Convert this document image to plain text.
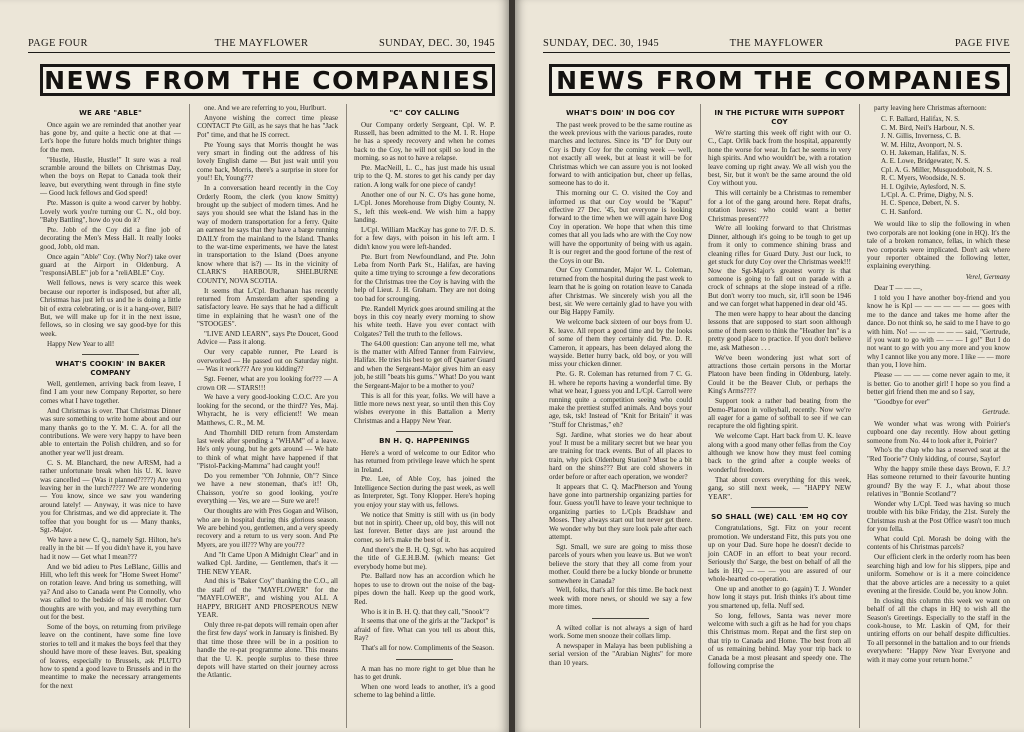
PAGE FOUR	THE MAYFLOWER	SUNDAY, DEC. 30, 1945
NEWS FROM THE COMPANIES
WE ARE "ABLE"

Once again we are reminded that another year has gone by, and quite a hectic one at that — Let's hope the future holds much brighter things for the men.

"Hustle, Hustle, Hustle!" It sure was a real scramble around the billets on Christmas Day, when the boys on Repat to Canada took their leave, but everything went through in fine style — Good luck fellows and God speed!

Pte. Masson is quite a wood carver by hobby. Lovely work you're turning our C. N., old boy. "Baby Battling", how do you do it?

Pte. Jobb of the Coy did a fine job of decorating the Men's Mess Hall. It really looks good, Jobb, old man.

Once again "Able" Coy. (Why Nor?) take over guard at the Airport in Oldenburg. A "responsiABLE" job for a "reliABLE" Coy.

Well fellows, news is very scarce this week because our reporter is indisposed, but after all, Christmas has just left us and he is doing a little bit of extra celebrating, or is it a hang-over, Bill? But, we will make up for it in the next issue, fellows, so in closing we say good-bye for this week.

Happy New Year to all!

WHAT'S COOKIN' IN BAKER COMPANY

Well, gentlemen, arriving back from leave, I find I am your new Company Reporter, so here comes what I have together.

And Christmas is over. That Christmas Dinner was sure something to write home about and our many thanks go to the Y. M. C. A. for all the contributions. We were very happy to have been able to entertain the Polish children, and so for another year we'll just dream.

C. S. M. Blanchard, the new A/RSM, had a rather unfortunate break when his U. K. leave was cancelled — (Was it planned?????) Are you leaving her in the lurch????? We are wondering — You know, since we saw you wandering around lately! — Anyway, it was nice to have you for Christmas, and we did appreciate it. The toffee that you bought for us — Many thanks, Sgt.-Major.

We have a new C. Q., namely Sgt. Hilton, he's really in the bit — If you didn't have it, you have had it now — Get what I mean???

And we bid adieu to Ptes LeBlanc, Gillis and Hill, who left this week for "Home Sweet Home" on rotation leave. And bring us something, will ya? And also to Canada went Pte Connolly, who was called to the bedside of his ill mother. Our thoughts are with you, and may everything turn out for the best.

Some of the boys, on returning from privilege leave on the continent, have some fine love stories to tell and it makes the boys feel that they should have more of these leaves. But, speaking of leaves, especially to Brussels, ask PLUTO how to spend a good leave to Brussels and in the meantime to make the necessary arrangements for the next

one. And we are referring to you, Hurlburt.

Anyone wishing the correct time please CONTACT Pte Gill, as he says that he has "Jack Pot" time, and that he IS correct.

Pte Young says that Morris thought he was very smart in finding out the address of his lovely English dame — But just wait until you come back, Morris, there's a surprise in store for you!! Eh, Young???

In a conversation heard recently in the Coy Orderly Room, the clerk (you know Smitty) brought up the subject of modern times. And he says you should see what the Island has in the way of modern transportation for a ferry. Quite an earnest he says that they have a barge running DAILY from the mainland to the Island. Thanks to the war-time experiments, we have the latest in transportation to the Island (Does anyone know where that is?) — Its in the vicinity of CLARK'S HARBOUR, SHELBURNE COUNTY, NOVA SCOTIA.

It seems that L/Cpl. Buchanan has recently returned from Amsterdam after spending a satisfactory leave. He says that he had a difficult time in explaining that he wasn't one of the "STOOGES".

"LIVE AND LEARN", says Pte Doucet, Good Advice — Pass it along.

Our very capable runner, Pte Leard is overworked — He passed out on Saturday night. — Was it work??? Are you kidding??

Sgt. Feener, what are you looking for??? — A crown OR — STARS!!!

We have a very good-looking C.O.C. Are you looking for the second, or the third?? Yes, Maj. Whyracht, he is very efficient!! We mean Matthews, C. R., M. M.

And Thornhill DID return from Amsterdam last week after spending a "WHAM" of a leave. He's only young, but he gets around — We hate to think of what might have happened if that "Pistol-Packing-Mamma" had caught you!!

Do you remember "Oh Johnnie, Oh"? Since we have a new stoneman, that's it!! Oh, Chaisson, you're so good looking, you're everything — Yes, we are — Sure we are!!

Our thoughts are with Pres Gogan and Wilson, who are in hospital during this glorious season. We are behind you, gentlemen, and a very speedy recovery and a return to us very soon. And Pte Myers, are you ill??? Why are you???

And "It Came Upon A Midnight Clear" and in walked Cpl. Jardine, — Gentlemen, that's it — THE NEW YEAR.

And this is "Baker Coy" thanking the C.O., all the staff of the "MAYFLOWER" for the "MAYFLOWER", and wishing you ALL A HAPPY, BRIGHT AND PROSPEROUS NEW YEAR.

Only three re-pat depots will remain open after the first few days' work in January is finished. By that time those three will be in a position to handle the re-pat programme alone. This means that the U. K. people surplus to these three depots will have started on their journey across the Atlantic.

"C" COY CALLING

Our Company orderly Sergeant, Cpl. W. P. Russell, has been admitted to the M. I. R. Hope he has a speedy recovery and when he comes back to the Coy, he will not spill so loud in the morning, so as not to have a relapse.

Pte. MacNeill, L. C., has just made his usual trip to the Q. M. stores to get his candy per day ration. A long walk for one piece of candy!

Another one of our N. C. O's has gone home, L/Cpl. Jones Morehouse from Digby County, N. S., left this week-end. We wish him a happy landing.

L/Cpl. William MacKay has gone to 7/F. D. S. for a few days, with poison in his left arm. I didn't know you were left-handed.

Pte. Burt from Newfoundland, and Pte. John Leba from North Park St., Halifax, are having quite a time trying to scrounge a few decorations for the Christmas tree the Coy is having with the help of Lieut. J. H. Graham. They are not doing too bad for scrounging.

Pte. Randell Myrick goes around smiling at the boys in this coy nearly every morning to show his white teeth. Have you ever contact with Colgates? Tell the truth to the fellows.

The 64.00 question: Can anyone tell me, what is the matter with Alfred Tanner from Fairview, Halifax. He tries his best to get off Quarter Guard and when the Sergeant-Major gives him an easy job, he still "beats his gums." What! Do you want the Sergeant-Major to be a mother to you?

This is all for this year, folks. We will have a little more news next year, so until then this Coy wishes everyone in this Battalion a Merry Christmas and a Happy New Year.

BN H. Q. HAPPENINGS

Here's a word of welcome to our Editor who has returned from privilege leave which he spent in Ireland.

Pte. Lee, of Able Coy, has joined the Intelligence Section during the past week, as well as Interpreter, Sgt. Tony Klopper. Here's hoping you enjoy your stay with us, fellows.

We notice that Smitty is still with us (in body but not in spirit). Cheer up, old boy, this will not last forever. Better days are just around the corner, so let's make the best of it.

And there's the B. H. Q. Sgt. who has acquired the title of G.E.H.B.M. (which means: Get everybody home but me).

Pte. Ballard now has an accordion which he hopes to use to drown out the noise of the bag-pipes down the hall. Keep up the good work, Red.

Who is it in B. H. Q. that they call, "Snook"?

It seems that one of the girls at the "Jackpot" is afraid of fire. What can you tell us about this, Ray?

That's all for now. Compliments of the Season.

A man has no more right to get blue than he has to get drunk.

When one word leads to another, it's a good scheme to lag behind a little.

SUNDAY, DEC. 30, 1945	THE MAYFLOWER	PAGE FIVE
NEWS FROM THE COMPANIES
WHAT'S DOIN' IN DOG COY

The past week proved to be the same routine as the week previous with the various parades, route marches and lectures. Since its "D" for Duty our Coy is Duty Coy for the coming week — well, not exactly all week, but at least it will be for Christmas which we can assure you is not looked forward to with anticipation but, cheer up fellas, someone has to do it.

This morning our C. O. visited the Coy and informed us that our Coy would be "Kaput" effective 27 Dec. '45, but everyone is looking forward to the time when we will again have Dog Coy in operation. We hope that when this time comes that all you lads who are with the Coy now will have the opportunity of being with us again. It is our regret and the good fortune of the rest of the Coys in our Bn.

Our Coy Commander, Major W. L. Coleman, returned from the hospital during the past week to learn that he is going on rotation leave to Canada after Christmas. We sincerely wish you all the best, sir. We were certainly glad to have you with our Big Happy Family.

We welcome back sixteen of our boys from U. K. leave. All report a good time and by the looks of some of them they certainly did. Pte. D. R. Cameron, it appears, has been delayed along the wayside. Better hurry back, old boy, or you will miss your chicken dinner.

Pte. G. R. Coleman has returned from 7 C. G. H. where he reports having a wonderful time. By what we hear, I guess you and L/Cpl. Carroll were running quite a competition seeing who could make the prettiest stuffed animals. And boys your age, tsk, tsk! Instead of "Knit for Britain" it was "Stuff for Christmas," eh?

Sgt. Jardine, what stories we do hear about you! It must be a military secret but we hear you are training for track events. But of all places to train, why pick Oldenburg Station? Must be a bit hard on the shins??? But are cold showers in order before or after each operation, we wonder?

It appears that C. Q. MacPherson and Young have gone into partnership organizing parties for four. Guess you'll have to leave your technique to organizing parties to L/Cpls Bradshaw and Moses. They always start out but never get there. We wonder why but they sure look pale after each attempt.

Sgt. Small, we sure are going to miss those parcels of yours when you leave us. But we won't believe the story that they all come from your mother. Could there be a lucky blonde or brunette somewhere in Canada?

Well, folks, that's all for this time. Be back next week with more news, or should we say a few more times.

A wilted collar is not always a sign of hard work. Some men snooze their collars limp.

A newspaper in Malaya has been publishing a serial version of the "Arabian Nights" for more than 10 years.

IN THE PICTURE WITH SUPPORT COY

We're starting this week off right with our O. C., Capt. Orlik back from the hospital, apparently none the worse for wear. In fact he seems in very high spirits. And who wouldn't be, with a rotation leave coming up right away. We all wish you the best, Sir, but it won't be the same around the old Coy without you.

This will certainly be a Christmas to remember for a lot of the gang around here. Repat drafts, rotation leaves: who could want a better Christmas present???

We're all looking forward to that Christmas Dinner, although it's going to be tough to get up from it only to commence shining brass and cleaning rifles for Guard Duty. Just our luck, to get stuck for duty Coy over the Christmas week!!! Now the Sgt-Major's greatest worry is that someone is going to fall out on parade with a crock of schnaps at the slope instead of a rifle. But don't worry too much, sir, it'll soon be 1946 and we can forget what happened in dear old '45.

The men were happy to hear about the dancing lessons that are supposed to start soon although some of them seem to think the "Heather Inn" is a pretty good place to practice. If you don't believe me, ask Matheson . . .

We've been wondering just what sort of attractions those certain persons in the Mortar Platoon have been finding in Oldenburg, lately. Could it be the Beaver Club, or perhaps the King's Arms????

Support took a rather bad beating from the Demo-Platoon in volleyball, recently. Now we're all eager for a game of softball to see if we can recapture the old fighting spirit.

We welcome Capt. Hart back from U. K. leave along with a good many other fellas from the Coy although we know how they must feel coming back to the grind after a couple weeks of wonderful freedom.

That about covers everything for this week, gang, so still next week, — "HAPPY NEW YEAR".

SO SHALL (WE) CALL 'EM HQ COY

Congratulations, Sgt. Fitz on your recent promotion. We understand Fitz, this puts you one up on your Dad. Sure hope he doesn't decide to join CAOF in an effort to beat your record. Seriously tho' Sarge, the best on behalf of all the lads in HQ — — — you are assured of our whole-hearted co-operation.

One up and another to go (again) T. J. Wonder how long it stays put. Irish thinks it's about time you smartened up, fella. Nuff sed.

So long, fellows, Santa was never more welcome with such a gift as he had for you chaps this Christmas morn. Repat and the first step on that trip to Canada and Home. The best from all of us remaining behind. May your trip back to Canada be a most pleasant and speedy one. The following comprise the

party leaving here Christmas afternoon:

C. F. Ballard, Halifax, N. S.
C. M. Bird, Neil's Harbour, N. S.
J. N. Gillis, Inverness, C. B.
W. M. Hiltz, Avonport, N. S.
O. H. Jakeman, Halifax, N. S.
A. E. Lowe, Bridgewater, N. S.
Cpl. A. G. Miller, Musquodoboit, N. S.
R. C. Myers, Woodside, N. S.
H. I. Ogilvie, Aylesford, N. S.
L/Cpl. A. C. Prime, Digby, N. S.
H. C. Spence, Debert, N. S.
C. H. Sanford.

We would like to slip the following in when two corporals are not looking (one in HQ). It's the tale of a broken romance, fellas, in which these two corporals were implicated. Don't ask where your reporter obtained the following letter, explaining everything.

Verel, Germany

Dear T — — —,

I told you I have another boy-friend and you know he is Kpl — — — — — — — goes with me to the dance and takes me home after the dance. Do not think so, he said to me I have to go with him. No! — — — — — — said, "Gertrude, if you want to go with — — — I go!" But I do not want to go with you any more and you know why I cannot like you any more. I like — — more than you, I love him.

Please — — — — come never again to me, it is better. Go to another girl! I hope so you find a better girl friend then me and so I say,

"Goodbye for ever"

Gertrude.

We wonder what was wrong with Poirier's cupboard one day recently. How about getting someone from No. 44 to look after it, Poirier?

Who's the chap who has a reserved seat at the "Red Toorie"? Only kidding, of course, Saylor!

Why the happy smile these days Brown, F. J.? Has someone returned to their favourite hunting ground? By the way F. J., what about those relatives in "Bonnie Scotland"?

Wonder why L/Cpl. Teed was having so much trouble with his bike Friday, the 21st. Surely the Christmas rush at the Post Office wasn't too much for you fella.

What could Cpl. Morash be doing with the contents of his Christmas parcels?

Our efficient clerk in the orderly room has been searching high and low for his slippers, pipe and uniform. Somehow or is it a mere coincidence that the above articles are a necessity to a quiet evening at the fireside. Could be, you know John.

In closing this column this week we want on behalf of all the chaps in HQ to wish all the Season's Greetings. Especially to the staff in the cook-house, to Mr. Laskin of QM, for their untiring efforts on our behalf despite difficulties. To all personnel in the battalion and to our friends everywhere: "Happy New Year Everyone and with it may come your return home."
